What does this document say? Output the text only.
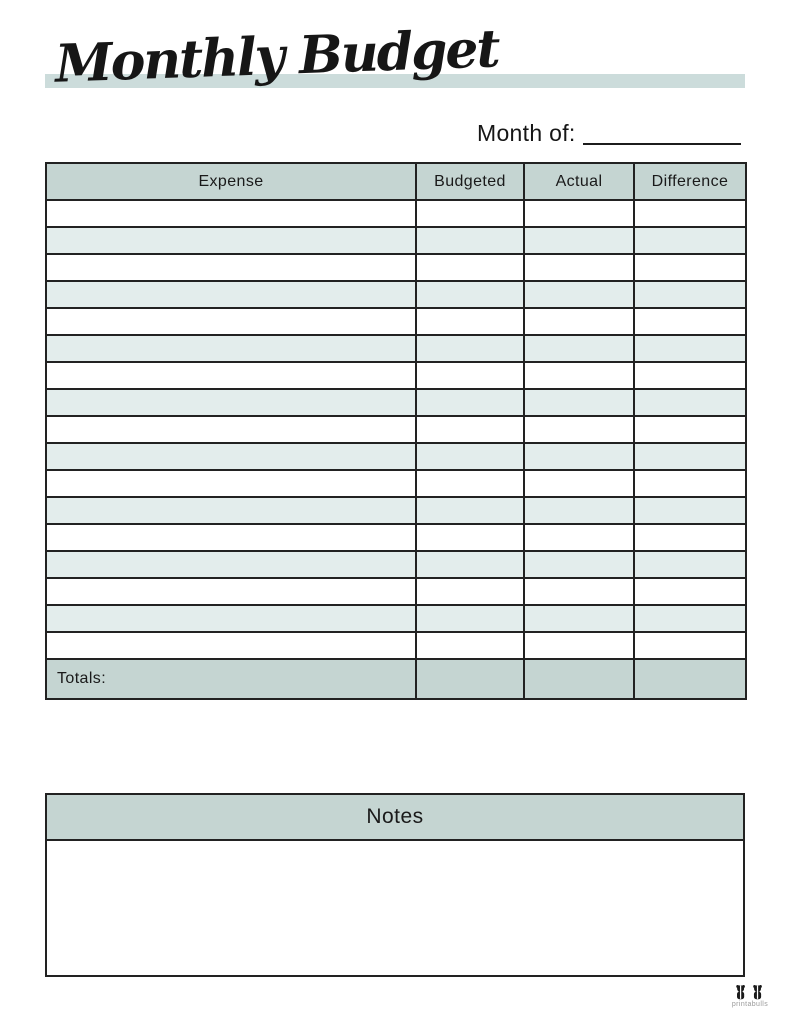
Monthly Budget
Month of:
Expense	Budgeted	Actual	Difference

Totals:			
Notes
printabulls
